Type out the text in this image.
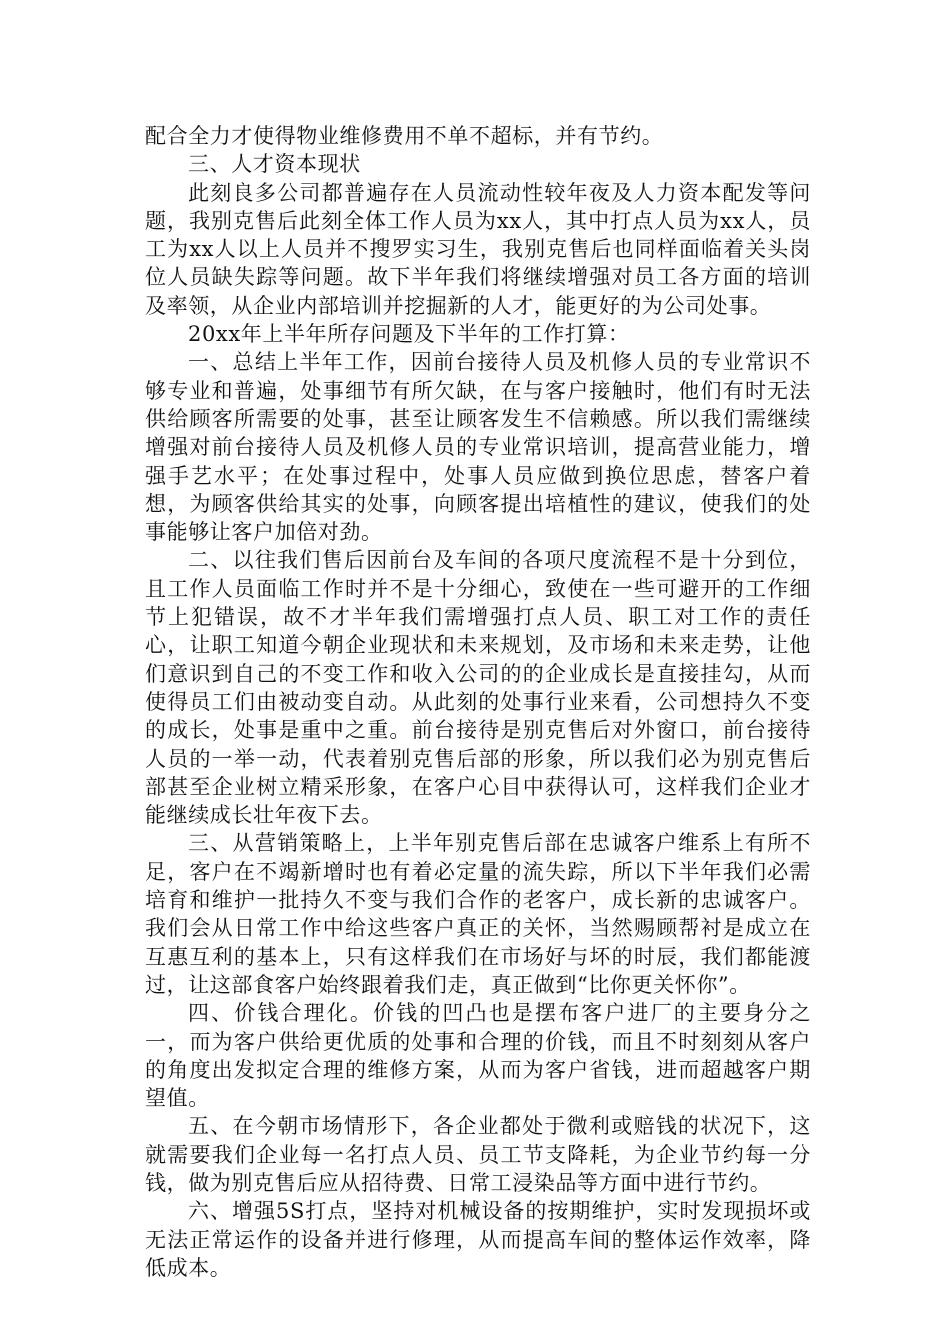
配合全力才使得物业维修费用不单不超标，并有节约。

三、人才资本现状

此刻良多公司都普遍存在人员流动性较年夜及人力资本配发等问题，我别克售后此刻全体工作人员为xx人，其中打点人员为xx人，员工为xx人以上人员并不搜罗实习生，我别克售后也同样面临着关头岗位人员缺失踪等问题。故下半年我们将继续增强对员工各方面的培训及率领，从企业内部培训并挖掘新的人才，能更好的为公司处事。

20xx年上半年所存问题及下半年的工作打算：

一、总结上半年工作，因前台接待人员及机修人员的专业常识不够专业和普遍，处事细节有所欠缺，在与客户接触时，他们有时无法供给顾客所需要的处事，甚至让顾客发生不信赖感。所以我们需继续增强对前台接待人员及机修人员的专业常识培训，提高营业能力，增强手艺水平；在处事过程中，处事人员应做到换位思虑，替客户着想，为顾客供给其实的处事，向顾客提出培植性的建议，使我们的处事能够让客户加倍对劲。

二、以往我们售后因前台及车间的各项尺度流程不是十分到位，且工作人员面临工作时并不是十分细心，致使在一些可避开的工作细节上犯错误，故不才半年我们需增强打点人员、职工对工作的责任心，让职工知道今朝企业现状和未来规划，及市场和未来走势，让他们意识到自己的不变工作和收入公司的的企业成长是直接挂勾，从而使得员工们由被动变自动。从此刻的处事行业来看，公司想持久不变的成长，处事是重中之重。前台接待是别克售后对外窗口，前台接待人员的一举一动，代表着别克售后部的形象，所以我们必为别克售后部甚至企业树立精采形象，在客户心目中获得认可，这样我们企业才能继续成长壮年夜下去。

三、从营销策略上，上半年别克售后部在忠诚客户维系上有所不足，客户在不竭新增时也有着必定量的流失踪，所以下半年我们必需培育和维护一批持久不变与我们合作的老客户，成长新的忠诚客户。我们会从日常工作中给这些客户真正的关怀，当然赐顾帮衬是成立在互惠互利的基本上，只有这样我们在市场好与坏的时辰，我们都能渡过，让这部食客户始终跟着我们走，真正做到“比你更关怀你”。

四、价钱合理化。价钱的凹凸也是摆布客户进厂的主要身分之一，而为客户供给更优质的处事和合理的价钱，而且不时刻刻从客户的角度出发拟定合理的维修方案，从而为客户省钱，进而超越客户期望值。

五、在今朝市场情形下，各企业都处于微利或赔钱的状况下，这就需要我们企业每一名打点人员、员工节支降耗，为企业节约每一分钱，做为别克售后应从招待费、日常工浸染品等方面中进行节约。

六、增强5S打点，坚持对机械设备的按期维护，实时发现损坏或无法正常运作的设备并进行修理，从而提高车间的整体运作效率，降低成本。
